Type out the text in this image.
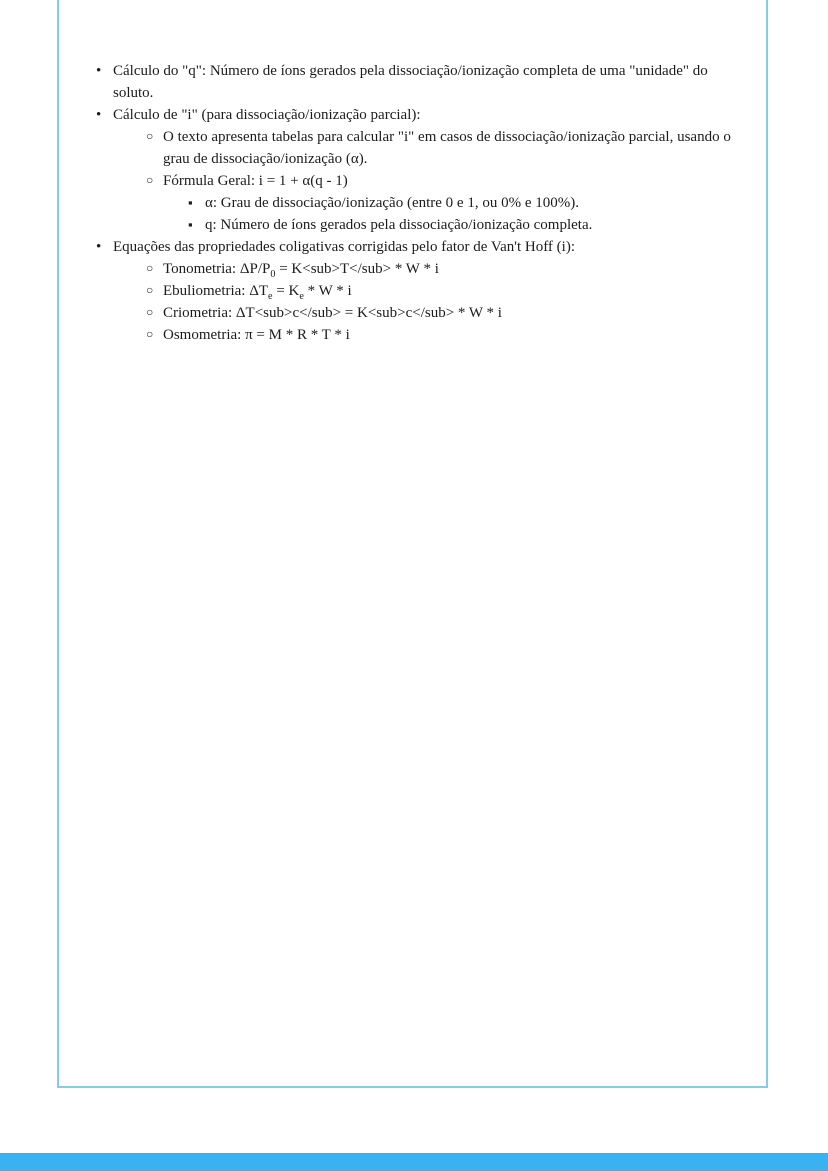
• Cálculo do "q": Número de íons gerados pela dissociação/ionização completa de uma "unidade" do soluto.
• Cálculo de "i" (para dissociação/ionização parcial):
○ O texto apresenta tabelas para calcular "i" em casos de dissociação/ionização parcial, usando o grau de dissociação/ionização (α).
○ Fórmula Geral: i = 1 + α(q - 1)
▪ α: Grau de dissociação/ionização (entre 0 e 1, ou 0% e 100%).
▪ q: Número de íons gerados pela dissociação/ionização completa.
• Equações das propriedades coligativas corrigidas pelo fator de Van't Hoff (i):
○ Tonometria: $\Delta P/P_0 = K<sub>T</sub> * W * i$
○ Ebuliometria: $\Delta T_e = K_e * W * i$
○ Criometria: ΔT<sub>c</sub> = K<sub>c</sub> * W * i
○ Osmometria: π = M * R * T * i
